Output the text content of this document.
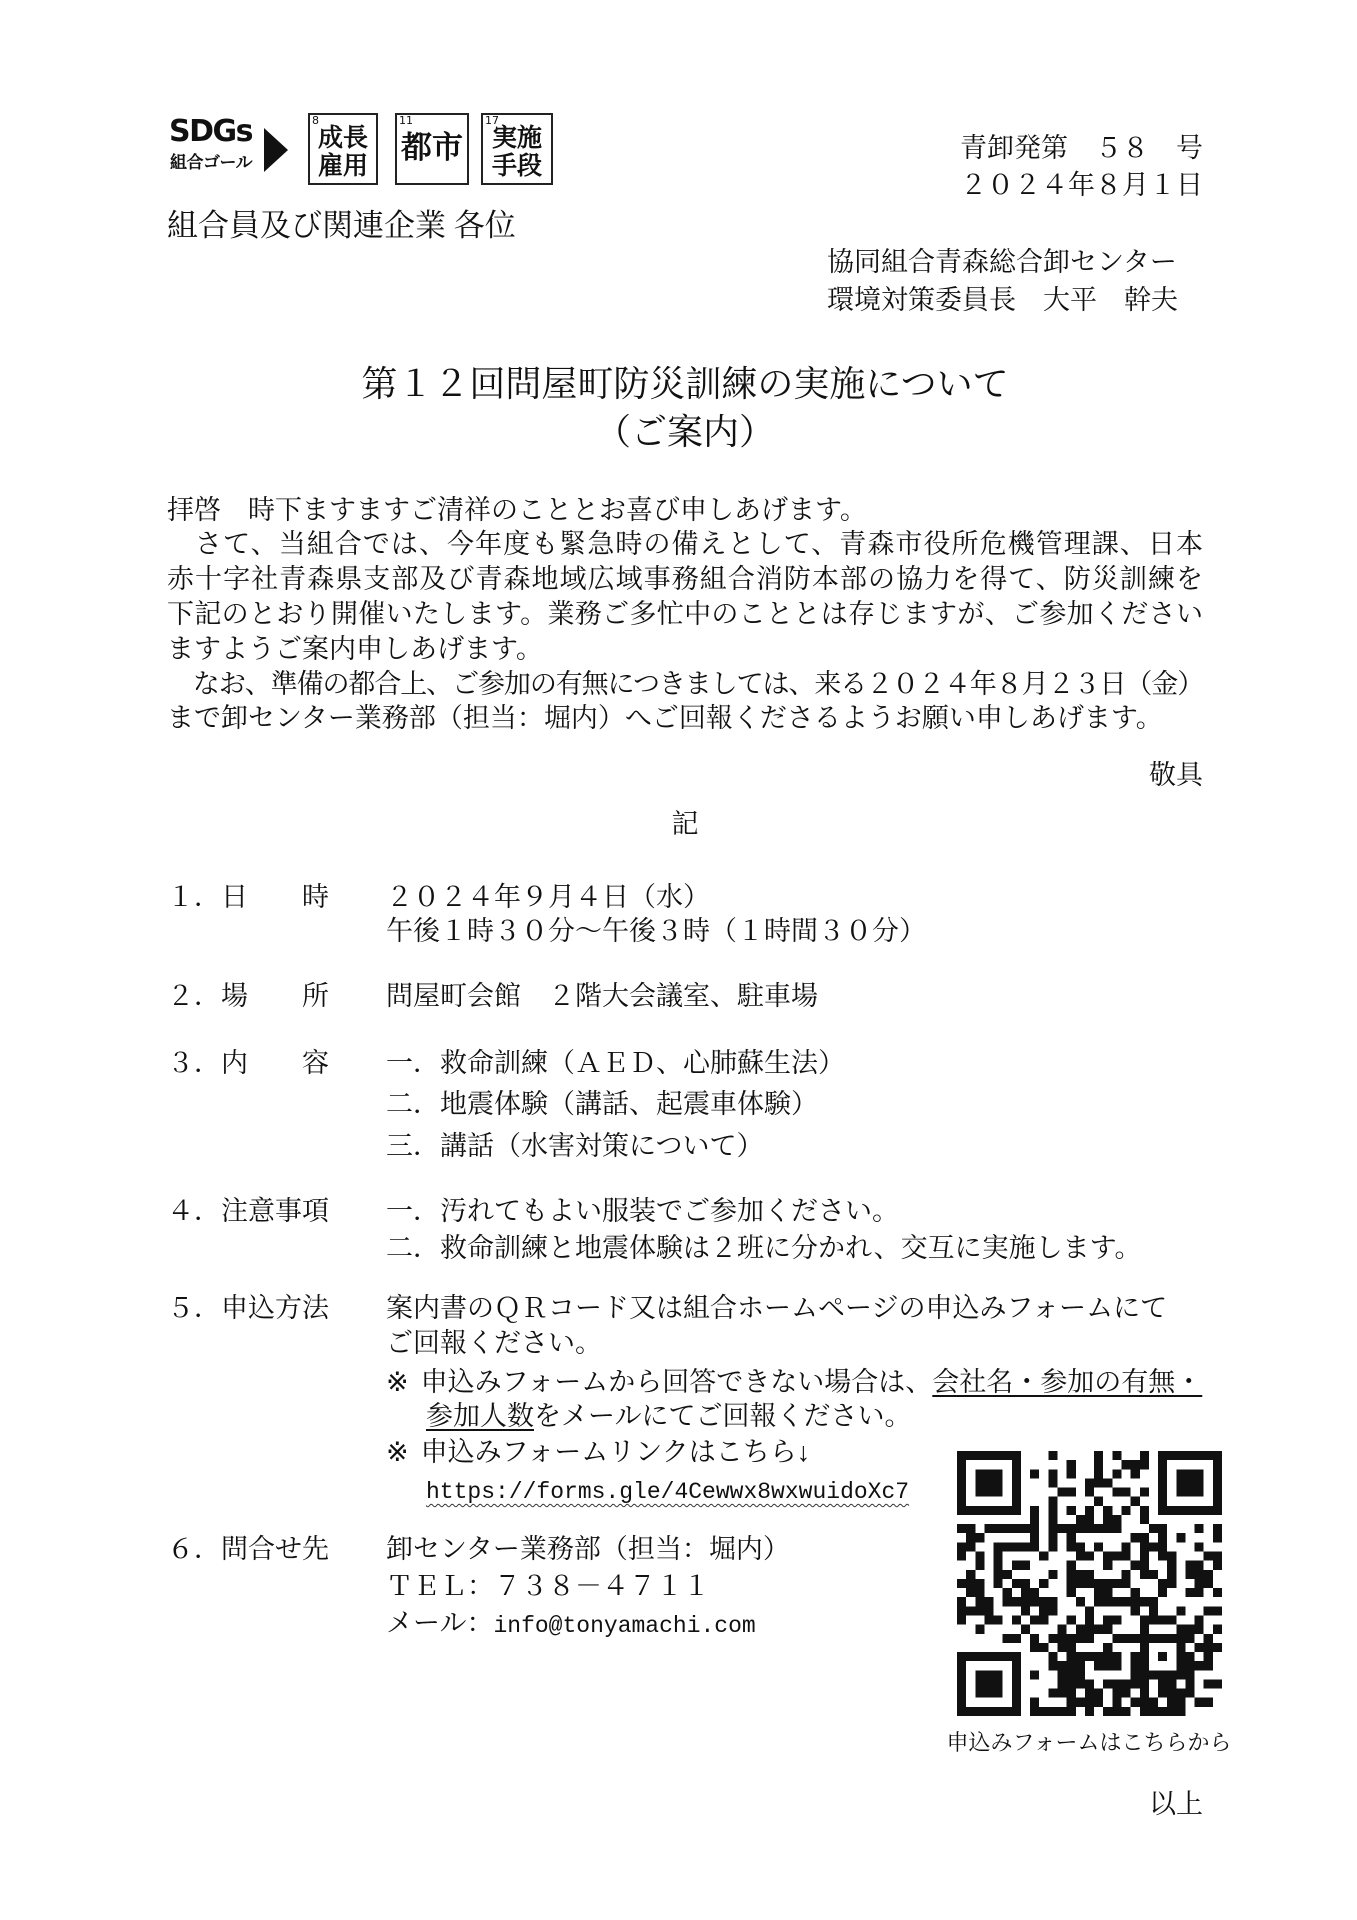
SDGs
組合ゴール
8
成長
雇用
11
都市
17
実施
手段
青卸発第　５８　号
２０２４年８月１日
組合員及び関連企業 各位
協同組合青森総合卸センター
環境対策委員長　大平　幹夫
第１２回問屋町防災訓練の実施について
（ご案内）
拝啓　時下ますますご清祥のこととお喜び申しあげます。
　さて、当組合では、今年度も緊急時の備えとして、青森市役所危機管理課、日本
赤十字社青森県支部及び青森地域広域事務組合消防本部の協力を得て、防災訓練を
下記のとおり開催いたします。業務ご多忙中のこととは存じますが、ご参加ください
ますようご案内申しあげます。
　なお、準備の都合上、ご参加の有無につきましては、来る２０２４年８月２３日（金）
まで卸センター業務部（担当：堀内）へご回報くださるようお願い申しあげます。
敬具
記
１．日　　時 ２０２４年９月４日（水）
午後１時３０分～午後３時（１時間３０分）
２．場　　所 問屋町会館　２階大会議室、駐車場
３．内　　容 一．救命訓練（ＡＥＤ、心肺蘇生法）
二．地震体験（講話、起震車体験）
三．講話（水害対策について）
４．注意事項 一．汚れてもよい服装でご参加ください。
二．救命訓練と地震体験は２班に分かれ、交互に実施します。
５．申込方法 案内書のＱＲコード又は組合ホームページの申込みフォームにて
ご回報ください。
※ 申込みフォームから回答できない場合は、会社名・参加の有無・
参加人数をメールにてご回報ください。
※ 申込みフォームリンクはこちら↓
https://forms.gle/4Cewwx8wxwuidoXc7
６．問合せ先 卸センター業務部（担当：堀内）
ＴＥＬ：７３８－４７１１
メール：info@tonyamachi.com
申込みフォームはこちらから
以上
